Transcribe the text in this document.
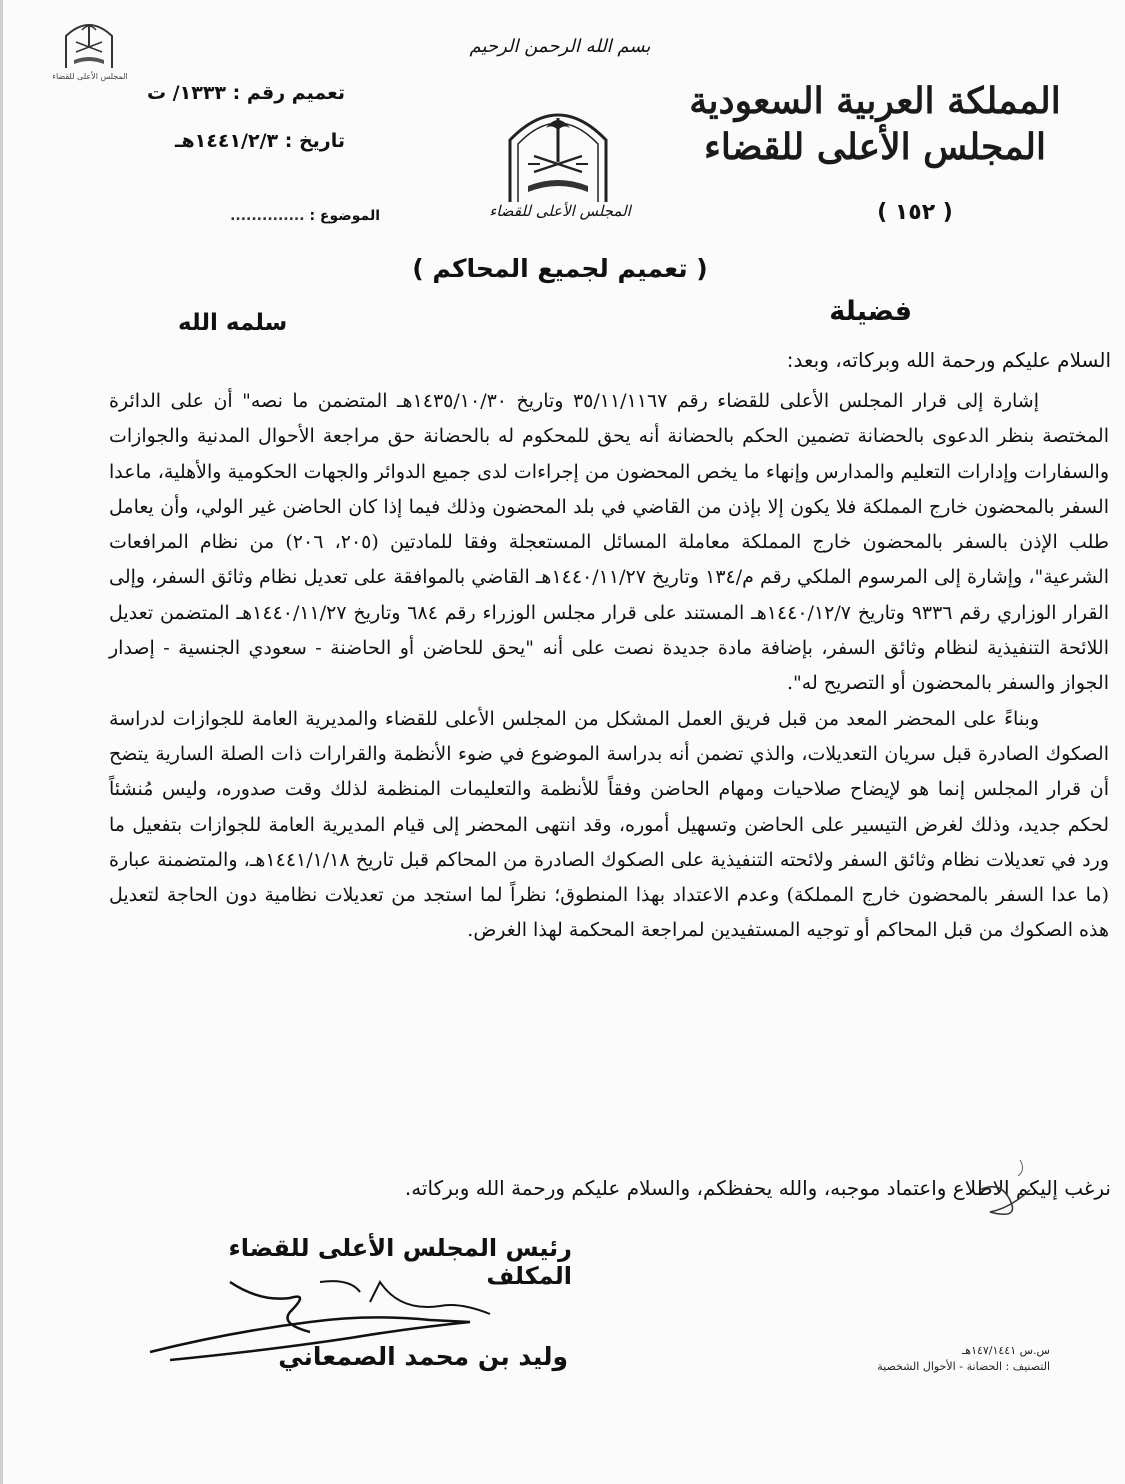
المجلس الأعلى للقضاء
تعميم رقم : ١٣٣٣/ ت
تاريخ : ١٤٤١/٢/٣هـ
الموضوع : ..............
بسم الله الرحمن الرحيم
المجلس الأعلى للقضاء
المملكة العربية السعودية
المجلس الأعلى للقضاء
( ١٥٢ )
( تعميم لجميع المحاكم )
فضيلة
سلمه الله
السلام عليكم ورحمة الله وبركاته، وبعد:

إشارة إلى قرار المجلس الأعلى للقضاء رقم ٣٥/١١/١١٦٧ وتاريخ ١٤٣٥/١٠/٣٠هـ المتضمن ما نصه" أن على الدائرة المختصة بنظر الدعوى بالحضانة تضمين الحكم بالحضانة أنه يحق للمحكوم له بالحضانة حق مراجعة الأحوال المدنية والجوازات والسفارات وإدارات التعليم والمدارس وإنهاء ما يخص المحضون من إجراءات لدى جميع الدوائر والجهات الحكومية والأهلية، ماعدا السفر بالمحضون خارج المملكة فلا يكون إلا بإذن من القاضي في بلد المحضون وذلك فيما إذا كان الحاضن غير الولي، وأن يعامل طلب الإذن بالسفر بالمحضون خارج المملكة معاملة المسائل المستعجلة وفقا للمادتين (٢٠٥، ٢٠٦) من نظام المرافعات الشرعية"، وإشارة إلى المرسوم الملكي رقم م/١٣٤ وتاريخ ١٤٤٠/١١/٢٧هـ القاضي بالموافقة على تعديل نظام وثائق السفر، وإلى القرار الوزاري رقم ٩٣٣٦ وتاريخ ١٤٤٠/١٢/٧هـ المستند على قرار مجلس الوزراء رقم ٦٨٤ وتاريخ ١٤٤٠/١١/٢٧هـ المتضمن تعديل اللائحة التنفيذية لنظام وثائق السفر، بإضافة مادة جديدة نصت على أنه "يحق للحاضن أو الحاضنة - سعودي الجنسية - إصدار الجواز والسفر بالمحضون أو التصريح له".

وبناءً على المحضر المعد من قبل فريق العمل المشكل من المجلس الأعلى للقضاء والمديرية العامة للجوازات لدراسة الصكوك الصادرة قبل سريان التعديلات، والذي تضمن أنه بدراسة الموضوع في ضوء الأنظمة والقرارات ذات الصلة السارية يتضح أن قرار المجلس إنما هو لإيضاح صلاحيات ومهام الحاضن وفقاً للأنظمة والتعليمات المنظمة لذلك وقت صدوره، وليس مُنشئاً لحكم جديد، وذلك لغرض التيسير على الحاضن وتسهيل أموره، وقد انتهى المحضر إلى قيام المديرية العامة للجوازات بتفعيل ما ورد في تعديلات نظام وثائق السفر ولائحته التنفيذية على الصكوك الصادرة من المحاكم قبل تاريخ ١٤٤١/١/١٨هـ، والمتضمنة عبارة (ما عدا السفر بالمحضون خارج المملكة) وعدم الاعتداد بهذا المنطوق؛ نظراً لما استجد من تعديلات نظامية دون الحاجة لتعديل هذه الصكوك من قبل المحاكم أو توجيه المستفيدين لمراجعة المحكمة لهذا الغرض.

نرغب إليكم الاطلاع واعتماد موجبه، والله يحفظكم، والسلام عليكم ورحمة الله وبركاته.
رئيس المجلس الأعلى للقضاء المكلف
وليد بن محمد الصمعاني	س.س ١٤٧/١٤٤١هـ
التصنيف : الحضانة - الأحوال الشخصية
